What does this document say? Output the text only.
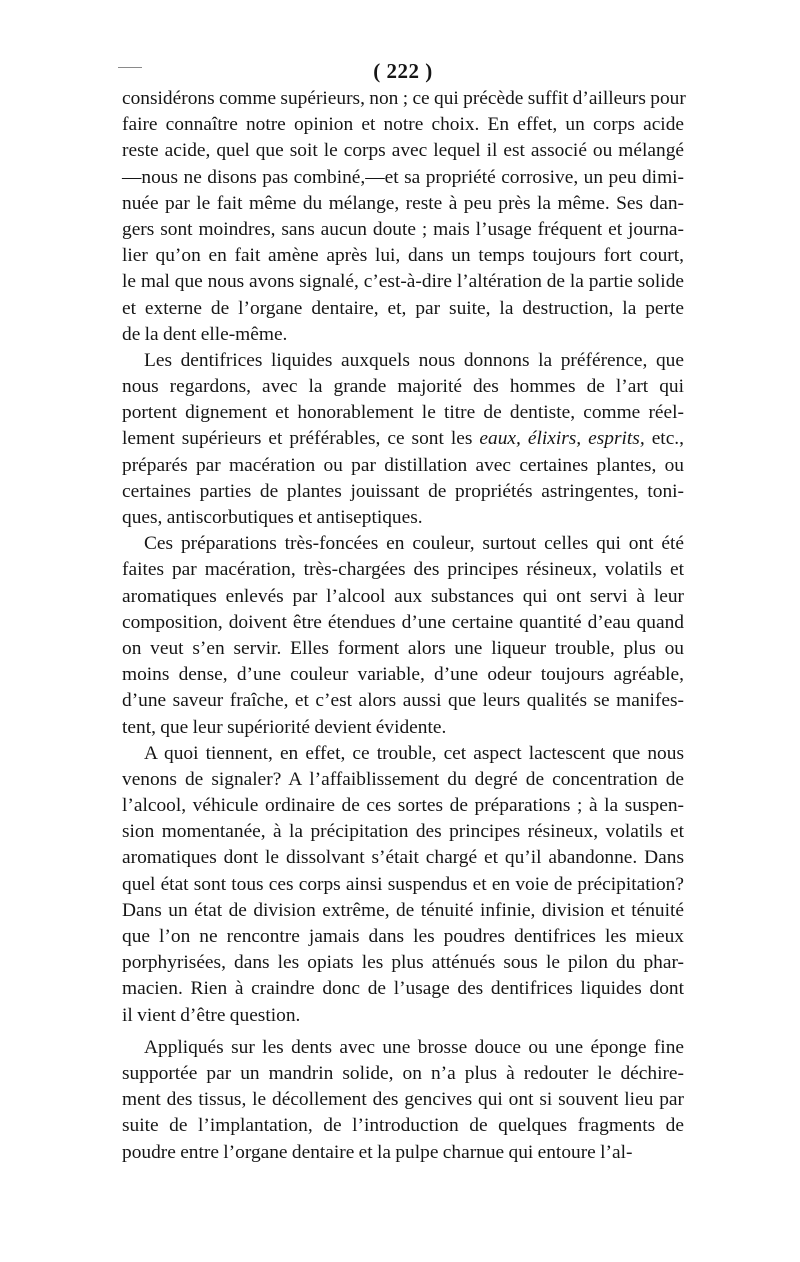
( 222 )
considérons comme supérieurs, non ; ce qui précède suffit d’ailleurs pour
faire connaître notre opinion et notre choix. En effet, un corps acide
reste acide, quel que soit le corps avec lequel il est associé ou mélangé
—nous ne disons pas combiné,—et sa propriété corrosive, un peu dimi-
nuée par le fait même du mélange, reste à peu près la même. Ses dan-
gers sont moindres, sans aucun doute ; mais l’usage fréquent et journa-
lier qu’on en fait amène après lui, dans un temps toujours fort court,
le mal que nous avons signalé, c’est-à-dire l’altération de la partie solide
et externe de l’organe dentaire, et, par suite, la destruction, la perte
de la dent elle-même.
Les dentifrices liquides auxquels nous donnons la préférence, que
nous regardons, avec la grande majorité des hommes de l’art qui
portent dignement et honorablement le titre de dentiste, comme réel-
lement supérieurs et préférables, ce sont les eaux, élixirs, esprits, etc.,
préparés par macération ou par distillation avec certaines plantes, ou
certaines parties de plantes jouissant de propriétés astringentes, toni-
ques, antiscorbutiques et antiseptiques.
Ces préparations très-foncées en couleur, surtout celles qui ont été
faites par macération, très-chargées des principes résineux, volatils et
aromatiques enlevés par l’alcool aux substances qui ont servi à leur
composition, doivent être étendues d’une certaine quantité d’eau quand
on veut s’en servir. Elles forment alors une liqueur trouble, plus ou
moins dense, d’une couleur variable, d’une odeur toujours agréable,
d’une saveur fraîche, et c’est alors aussi que leurs qualités se manifes-
tent, que leur supériorité devient évidente.
A quoi tiennent, en effet, ce trouble, cet aspect lactescent que nous
venons de signaler? A l’affaiblissement du degré de concentration de
l’alcool, véhicule ordinaire de ces sortes de préparations ; à la suspen-
sion momentanée, à la précipitation des principes résineux, volatils et
aromatiques dont le dissolvant s’était chargé et qu’il abandonne. Dans
quel état sont tous ces corps ainsi suspendus et en voie de précipitation?
Dans un état de division extrême, de ténuité infinie, division et ténuité
que l’on ne rencontre jamais dans les poudres dentifrices les mieux
porphyrisées, dans les opiats les plus atténués sous le pilon du phar-
macien. Rien à craindre donc de l’usage des dentifrices liquides dont
il vient d’être question.
Appliqués sur les dents avec une brosse douce ou une éponge fine
supportée par un mandrin solide, on n’a plus à redouter le déchire-
ment des tissus, le décollement des gencives qui ont si souvent lieu par
suite de l’implantation, de l’introduction de quelques fragments de
poudre entre l’organe dentaire et la pulpe charnue qui entoure l’al-
